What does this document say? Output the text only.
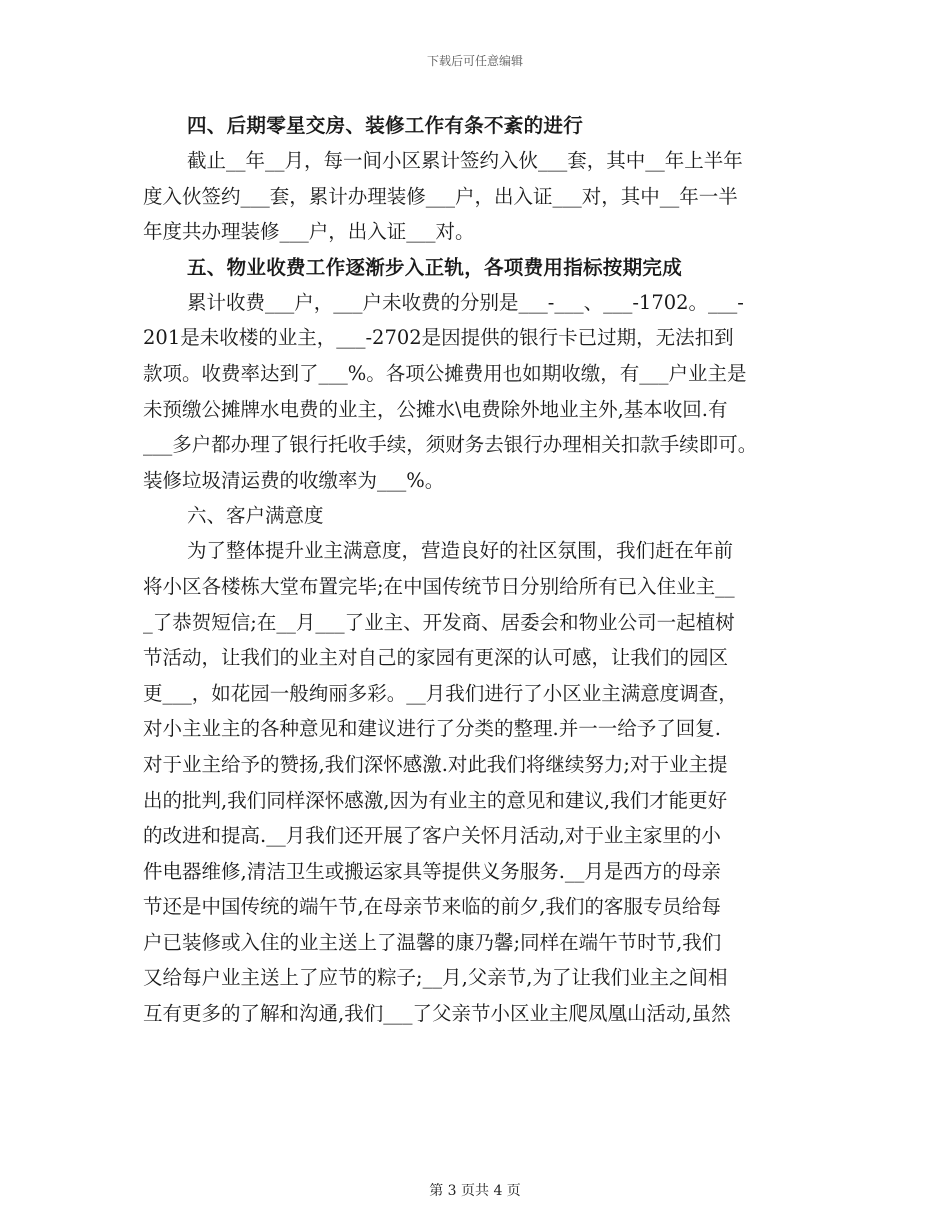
下载后可任意编辑
四、后期零星交房、装修工作有条不紊的进行
截止__年__月，每一间小区累计签约入伙___套，其中__年上半年
度入伙签约___套，累计办理装修___户，出入证___对，其中__年一半
年度共办理装修___户，出入证___对。
五、物业收费工作逐渐步入正轨，各项费用指标按期完成
累计收费___户，___户未收费的分别是___-___、___-1702。___-
201是未收楼的业主，___-2702是因提供的银行卡已过期，无法扣到
款项。收费率达到了___%。各项公摊费用也如期收缴，有___户业主是
未预缴公摊牌水电费的业主，公摊水\电费除外地业主外,基本收回.有
___多户都办理了银行托收手续，须财务去银行办理相关扣款手续即可。
装修垃圾清运费的收缴率为___%。
六、客户满意度
为了整体提升业主满意度，营造良好的社区氛围，我们赶在年前
将小区各楼栋大堂布置完毕;在中国传统节日分别给所有已入住业主__
_了恭贺短信;在__月___了业主、开发商、居委会和物业公司一起植树
节活动，让我们的业主对自己的家园有更深的认可感，让我们的园区
更___，如花园一般绚丽多彩。__月我们进行了小区业主满意度调查，
对小主业主的各种意见和建议进行了分类的整理.并一一给予了回复.
对于业主给予的赞扬,我们深怀感激.对此我们将继续努力;对于业主提
出的批判,我们同样深怀感激,因为有业主的意见和建议,我们才能更好
的改进和提高.__月我们还开展了客户关怀月活动,对于业主家里的小
件电器维修,清洁卫生或搬运家具等提供义务服务.__月是西方的母亲
节还是中国传统的端午节,在母亲节来临的前夕,我们的客服专员给每
户已装修或入住的业主送上了温馨的康乃馨;同样在端午节时节,我们
又给每户业主送上了应节的粽子;__月,父亲节,为了让我们业主之间相
互有更多的了解和沟通,我们___了父亲节小区业主爬凤凰山活动,虽然
第 3 页共 4 页
